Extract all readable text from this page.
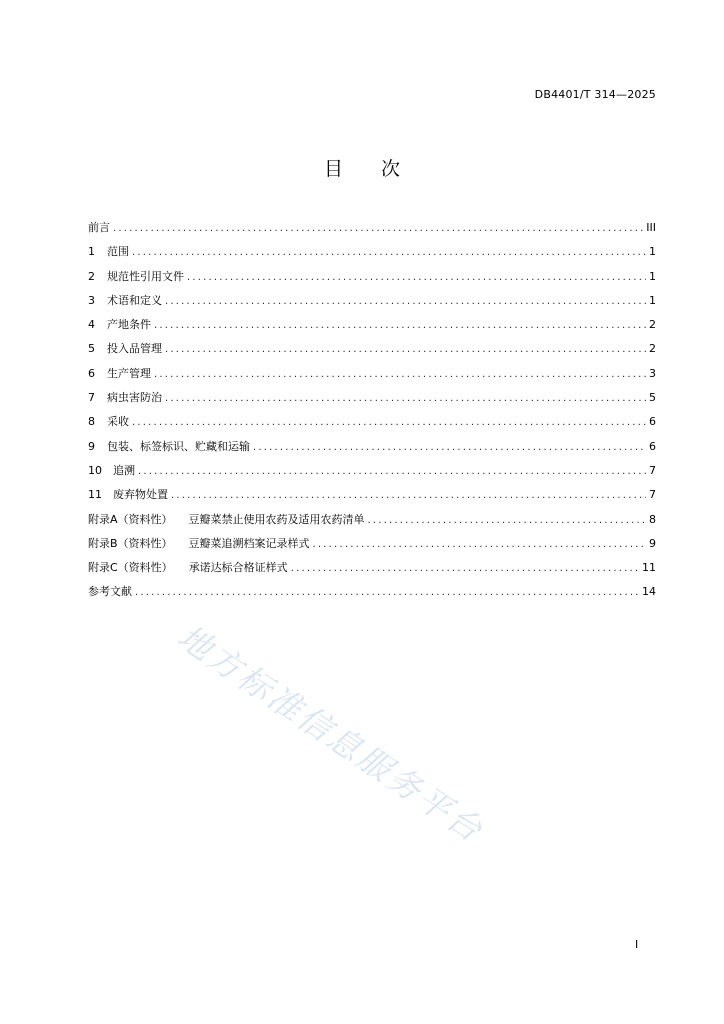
DB4401/T 314—2025
目 次
前言 .....	III
1 范围 .....	1
2 规范性引用文件 .....	1
3 术语和定义 .....	1
4 产地条件 .....	2
5 投入品管理 .....	2
6 生产管理 .....	3
7 病虫害防治 .....	5
8 采收 .....	6
9 包装、标签标识、贮藏和运输 .....	6
10 追溯 .....	7
11 废弃物处置 .....	7
附录A（资料性） 豆瓣菜禁止使用农药及适用农药清单 .....	8
附录B（资料性） 豆瓣菜追溯档案记录样式 .....	9
附录C（资料性） 承诺达标合格证样式 .....	11
参考文献 .....	14
地方标准信息服务平台
I
